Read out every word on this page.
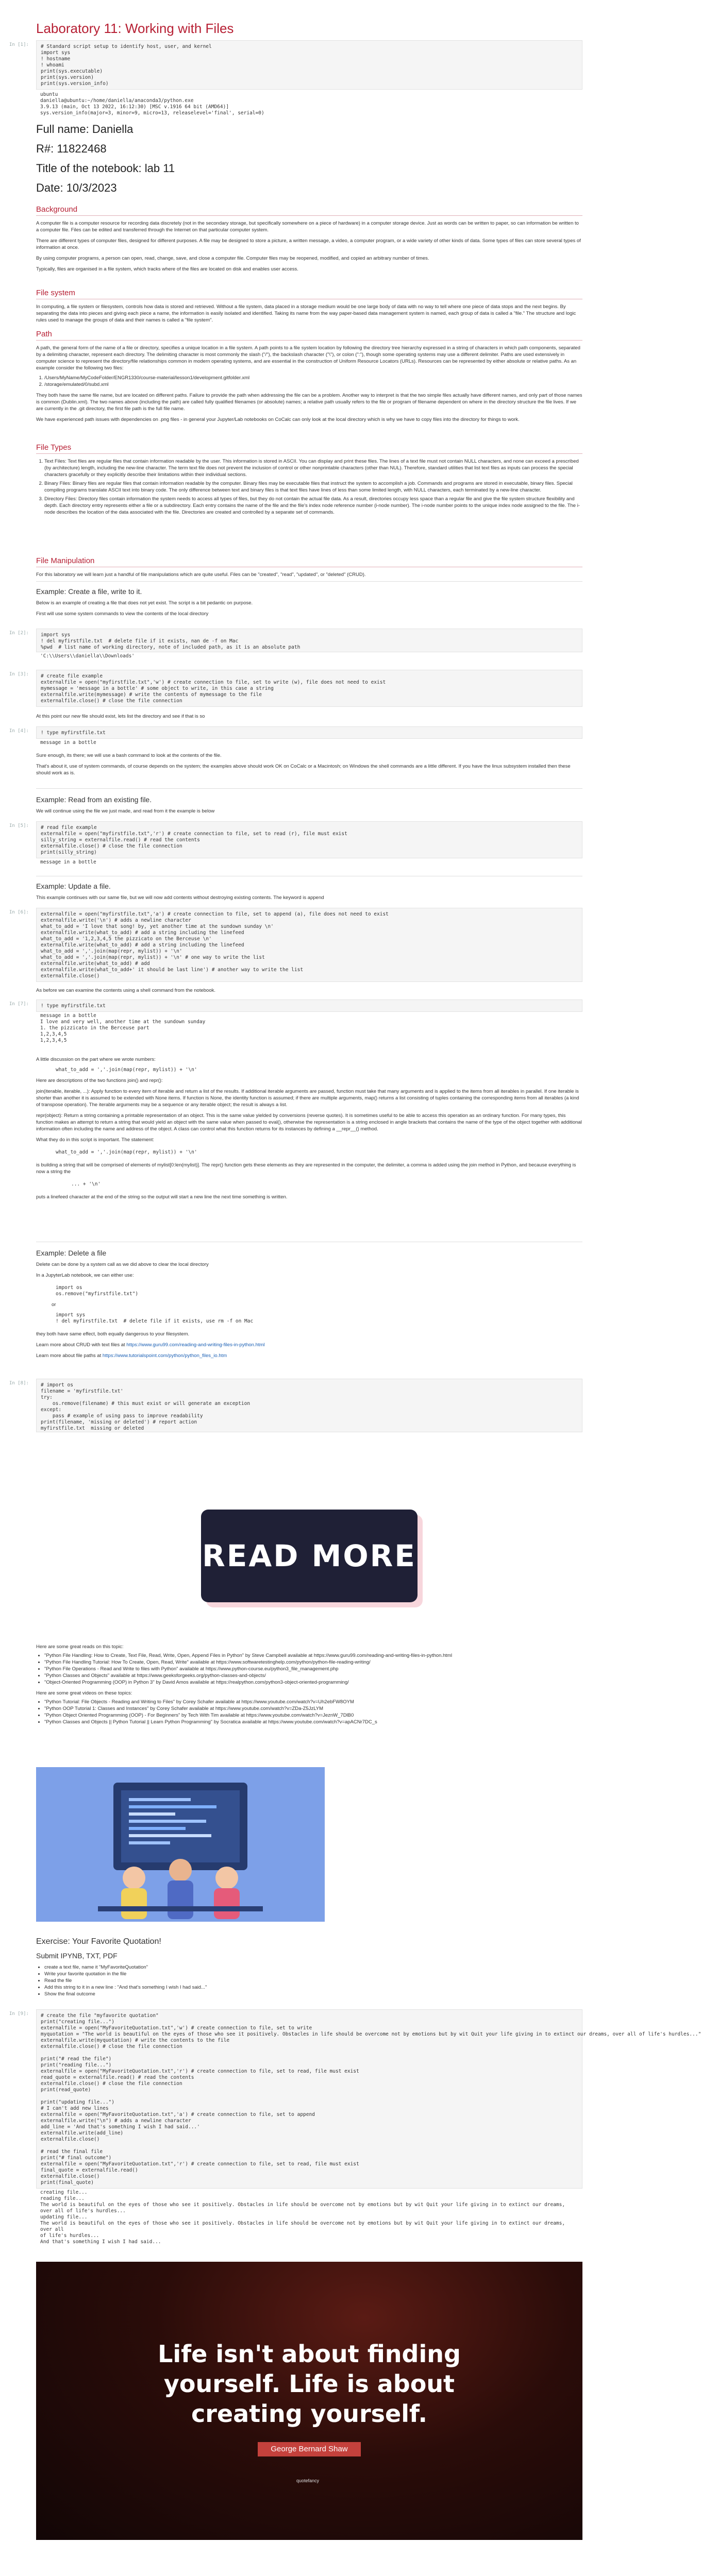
Laboratory 11: Working with Files
In [1]:	# Standard script setup to identify host, user, and kernel
import sys
! hostname
! whoami
print(sys.executable)
print(sys.version)
print(sys.version_info)
ubuntu
daniella@ubuntu:~/home/daniella/anaconda3/python.exe
3.9.13 (main, Oct 13 2022, 16:12:30) [MSC v.1916 64 bit (AMD64)]
sys.version_info(major=3, minor=9, micro=13, releaselevel='final', serial=0)
Full name: Daniella
R#: 11822468
Title of the notebook: lab 11
Date: 10/3/2023
Background

A computer file is a computer resource for recording data discretely (not in the secondary storage, but specifically somewhere on a piece of hardware) in a computer storage device. Just as words can be written to paper, so can information be written to a computer file. Files can be edited and transferred through the Internet on that particular computer system.

There are different types of computer files, designed for different purposes. A file may be designed to store a picture, a written message, a video, a computer program, or a wide variety of other kinds of data. Some types of files can store several types of information at once.

By using computer programs, a person can open, read, change, save, and close a computer file. Computer files may be reopened, modified, and copied an arbitrary number of times.

Typically, files are organised in a file system, which tracks where of the files are located on disk and enables user access.

File system

In computing, a file system or filesystem, controls how data is stored and retrieved. Without a file system, data placed in a storage medium would be one large body of data with no way to tell where one piece of data stops and the next begins. By separating the data into pieces and giving each piece a name, the information is easily isolated and identified. Taking its name from the way paper-based data management system is named, each group of data is called a "file." The structure and logic rules used to manage the groups of data and their names is called a "file system".

Path

A path, the general form of the name of a file or directory, specifies a unique location in a file system. A path points to a file system location by following the directory tree hierarchy expressed in a string of characters in which path components, separated by a delimiting character, represent each directory. The delimiting character is most commonly the slash ("/"), the backslash character ("\"), or colon (":"), though some operating systems may use a different delimiter. Paths are used extensively in computer science to represent the directory/file relationships common in modern operating systems, and are essential in the construction of Uniform Resource Locators (URLs). Resources can be represented by either absolute or relative paths. As an example consider the following two files:

1. /Users/MyName/MyCodeFolder/ENGR1330/course-material/lesson1/development.gitfolder.xml
2. /storage/emulated/0/subd.xml

They both have the same file name, but are located on different paths. Failure to provide the path when addressing the file can be a problem. Another way to interpret is that the two simple files actually have different names, and only part of those names is common (Dublin.xml). The two names above (including the path) are called fully qualified filenames (or absolute) names; a relative path usually refers to the file or program of filename dependent on where in the directory structure the file lives. If we are currently in the .git directory, the first file path is the full file name.

We have experienced path issues with dependencies on .png files - in general your Jupyter/Lab notebooks on CoCalc can only look at the local directory which is why we have to copy files into the directory for things to work.

File Types
1. Text Files: Text files are regular files that contain information readable by the user. This information is stored in ASCII. You can display and print these files. The lines of a text file must not contain NULL characters, and none can exceed a prescribed (by architecture) length, including the new-line character. The term text file does not prevent the inclusion of control or other nonprintable characters (other than NUL). Therefore, standard utilities that list text files as inputs can process the special characters gracefully or they explicitly describe their limitations within their individual sections.
2. Binary Files: Binary files are regular files that contain information readable by the computer. Binary files may be executable files that instruct the system to accomplish a job. Commands and programs are stored in executable, binary files. Special compiling programs translate ASCII text into binary code. The only difference between text and binary files is that text files have lines of less than some limited length, with NULL characters, each terminated by a new-line character.
3. Directory Files: Directory files contain information the system needs to access all types of files, but they do not contain the actual file data. As a result, directories occupy less space than a regular file and give the file system structure flexibility and depth. Each directory entry represents either a file or a subdirectory. Each entry contains the name of the file and the file's index node reference number (i-node number). The i-node number points to the unique index node assigned to the file. The i-node describes the location of the data associated with the file. Directories are created and controlled by a separate set of commands.
File Manipulation

For this laboratory we will learn just a handful of file manipulations which are quite useful. Files can be "created", "read", "updated", or "deleted" (CRUD).

Example: Create a file, write to it.

Below is an example of creating a file that does not yet exist. The script is a bit pedantic on purpose.

First will use some system commands to view the contents of the local directory

In [2]:	import sys
! del myfirstfile.txt  # delete file if it exists, nan de -f on Mac
%pwd  # list name of working directory, note of included path, as it is an absolute path
'C:\\Users\\daniella\\Downloads'
In [3]:	# create file example
externalfile = open("myfirstfile.txt",'w') # create connection to file, set to write (w), file does not need to exist
mymessage = 'message in a bottle' # some object to write, in this case a string
externalfile.write(mymessage) # write the contents of mymessage to the file
externalfile.close() # close the file connection

At this point our new file should exist, lets list the directory and see if that is so

In [4]:	! type myfirstfile.txt
message in a bottle

Sure enough, its there; we will use a bash command to look at the contents of the file.

That's about it, use of system commands, of course depends on the system; the examples above should work OK on CoCalc or a Macintosh; on Windows the shell commands are a little different. If you have the linux subsystem installed then these should work as is.

Example: Read from an existing file.

We will continue using the file we just made, and read from it the example is below

In [5]:	# read file example
externalfile = open("myfirstfile.txt",'r') # create connection to file, set to read (r), file must exist
silly_string = externalfile.read() # read the contents
externalfile.close() # close the file connection
print(silly_string)
message in a bottle
Example: Update a file.

This example continues with our same file, but we will now add contents without destroying existing contents. The keyword is append

In [6]:	externalfile = open("myfirstfile.txt",'a') # create connection to file, set to append (a), file does not need to exist
externalfile.write('\n') # adds a newline character
what_to_add = 'I love that song! by, yet another time at the sundown sunday \n'
externalfile.write(what_to_add) # add a string including the linefeed
what_to_add = '1,2,3,4,5 the pizzicato on the Berceuse \n'
externalfile.write(what_to_add) # add a string including the linefeed
what_to_add = ','.join(map(repr, mylist)) + '\n'
what_to_add = ','.join(map(repr, mylist)) + '\n' # one way to write the list
externalfile.write(what_to_add) # add
externalfile.write(what_to_add+' it should be last line') # another way to write the list
externalfile.close()

As before we can examine the contents using a shell command from the notebook.

In [7]:	! type myfirstfile.txt
message in a bottle
I love and very well, another time at the sundown sunday
1. the pizzicato in the Berceuse part
1,2,3,4,5
1,2,3,4,5

A little discussion on the part where we wrote numbers:

what_to_add = ','.join(map(repr, mylist)) + '\n'

Here are descriptions of the two functions join() and repr():

join(iterable, iterable, ...): Apply function to every item of iterable and return a list of the results. If additional iterable arguments are passed, function must take that many arguments and is applied to the items from all iterables in parallel. If one iterable is shorter than another it is assumed to be extended with None items. If function is None, the identity function is assumed; if there are multiple arguments, map() returns a list consisting of tuples containing the corresponding items from all iterables (a kind of transpose operation). The iterable arguments may be a sequence or any iterable object; the result is always a list.

repr(object): Return a string containing a printable representation of an object. This is the same value yielded by conversions (reverse quotes). It is sometimes useful to be able to access this operation as an ordinary function. For many types, this function makes an attempt to return a string that would yield an object with the same value when passed to eval(), otherwise the representation is a string enclosed in angle brackets that contains the name of the type of the object together with additional information often including the name and address of the object. A class can control what this function returns for its instances by defining a __repr__() method.

What they do in this script is important. The statement:

what_to_add = ','.join(map(repr, mylist)) + '\n'

is building a string that will be comprised of elements of mylist[0:len(mylist)]. The repr() function gets these elements as they are represented in the computer, the delimiter, a comma is added using the join method in Python, and because everything is now a string the

... + '\n'

puts a linefeed character at the end of the string so the output will start a new line the next time something is written.

Example: Delete a file

Delete can be done by a system call as we did above to clear the local directory

In a JupyterLab notebook, we can either use:

import os
os.remove("myfirstfile.txt")

or

import sys
! del myfirstfile.txt  # delete file if it exists, use rm -f on Mac

they both have same effect, both equally dangerous to your filesystem.

Learn more about CRUD with text files at https://www.guru99.com/reading-and-writing-files-in-python.html

Learn more about file paths at https://www.tutorialspoint.com/python/python_files_io.htm

In [8]:	# import os
filename = 'myfirstfile.txt'
try:
os.remove(filename) # this must exist or will generate an exception
except:
pass # example of using pass to improve readability
print(filename, 'missing or deleted') # report action
myfirstfile.txt  missing or deleted
READ MORE

Here are some great reads on this topic:

• "Python File Handling: How to Create, Text File, Read, Write, Open, Append Files in Python" by Steve Campbell available at https://www.guru99.com/reading-and-writing-files-in-python.html
• "Python File Handling Tutorial: How To Create, Open, Read, Write" available at https://www.softwaretestinghelp.com/python/python-file-reading-writing/
• "Python File Operations - Read and Write to files with Python" available at https://www.python-course.eu/python3_file_management.php
• "Python Classes and Objects" available at https://www.geeksforgeeks.org/python-classes-and-objects/
• "Object-Oriented Programming (OOP) in Python 3" by David Amos available at https://realpython.com/python3-object-oriented-programming/

Here are some great videos on these topics:

• "Python Tutorial: File Objects - Reading and Writing to Files" by Corey Schafer available at https://www.youtube.com/watch?v=Uh2ebFW8OYM
• "Python OOP Tutorial 1: Classes and Instances" by Corey Schafer available at https://www.youtube.com/watch?v=ZDa-Z5JzLYM
• "Python Object Oriented Programming (OOP) - For Beginners" by Tech With Tim available at https://www.youtube.com/watch?v=JeznW_7DlB0
• "Python Classes and Objects || Python Tutorial || Learn Python Programming" by Socratica available at https://www.youtube.com/watch?v=apACNr7DC_s
Exercise: Your Favorite Quotation!
Submit IPYNB, TXT, PDF
• create a text file, name it "MyFavoriteQuotation"
• Write your favorite quotation in the file
• Read the file
• Add this string to it in a new line : "And that's something I wish I had said..."
• Show the final outcome
In [9]:	# create the file "myfavorite quotation"
print("creating file...")
externalfile = open("MyFavoriteQuotation.txt",'w') # create connection to file, set to write
myquotation = "The world is beautiful on the eyes of those who see it positively. Obstacles in life should be overcome not by emotions but by wit Quit your life giving in to extinct our dreams, over all of life's hurdles..."
externalfile.write(myquotation) # write the contents to the file
externalfile.close() # close the file connection

print("# read the file")
print("reading file...")
externalfile = open("MyFavoriteQuotation.txt",'r') # create connection to file, set to read, file must exist
read_quote = externalfile.read() # read the contents
externalfile.close() # close the file connection
print(read_quote)

print("updating file...")
# I can't add new lines
externalfile = open("MyFavoriteQuotation.txt",'a') # create connection to file, set to append
externalfile.write("\n") # adds a newline character
add_line = 'And that's something I wish I had said...'
externalfile.write(add_line)
externalfile.close()

# read the final file
print("# final outcome")
externalfile = open("MyFavoriteQuotation.txt",'r') # create connection to file, set to read, file must exist
final_quote = externalfile.read()
externalfile.close()
print(final_quote)
creating file...
reading file...
The world is beautiful on the eyes of those who see it positively. Obstacles in life should be overcome not by emotions but by wit Quit your life giving in to extinct our dreams, over all of life's hurdles...
updating file...
The world is beautiful on the eyes of those who see it positively. Obstacles in life should be overcome not by emotions but by wit Quit your life giving in to extinct our dreams, over all
of life's hurdles...
And that's something I wish I had said...
Life isn't about finding
yourself. Life is about
creating yourself.
George Bernard Shaw
quotefancy
